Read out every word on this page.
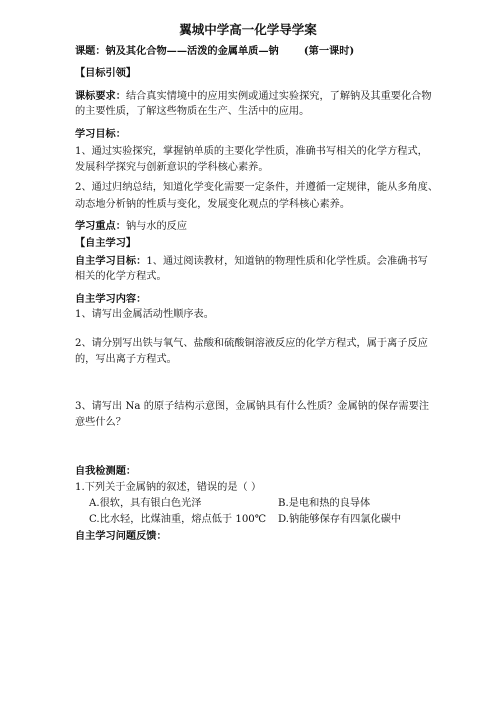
翼城中学高一化学导学案
课题：钠及其化合物——活泼的金属单质—钠 (第一课时)
【目标引领】
课标要求：结合真实情境中的应用实例或通过实验探究，了解钠及其重要化合物
的主要性质，了解这些物质在生产、生活中的应用。
学习目标：
1、通过实验探究，掌握钠单质的主要化学性质，准确书写相关的化学方程式，
发展科学探究与创新意识的学科核心素养。
2、通过归纳总结，知道化学变化需要一定条件，并遵循一定规律，能从多角度、
动态地分析钠的性质与变化，发展变化观点的学科核心素养。
学习重点：钠与水的反应
【自主学习】
自主学习目标：1、通过阅读教材，知道钠的物理性质和化学性质。会准确书写
相关的化学方程式。
自主学习内容：
1、请写出金属活动性顺序表。
2、请分别写出铁与氧气、盐酸和硫酸铜溶液反应的化学方程式，属于离子反应
的，写出离子方程式。
3、请写出 Na 的原子结构示意图，金属钠具有什么性质？金属钠的保存需要注
意些什么？
自我检测题：
1.下列关于金属钠的叙述，错误的是（ ）
A.很软，具有银白色光泽	B.是电和热的良导体
C.比水轻，比煤油重，熔点低于 100℃ D.钠能够保存有四氯化碳中
自主学习问题反馈：
